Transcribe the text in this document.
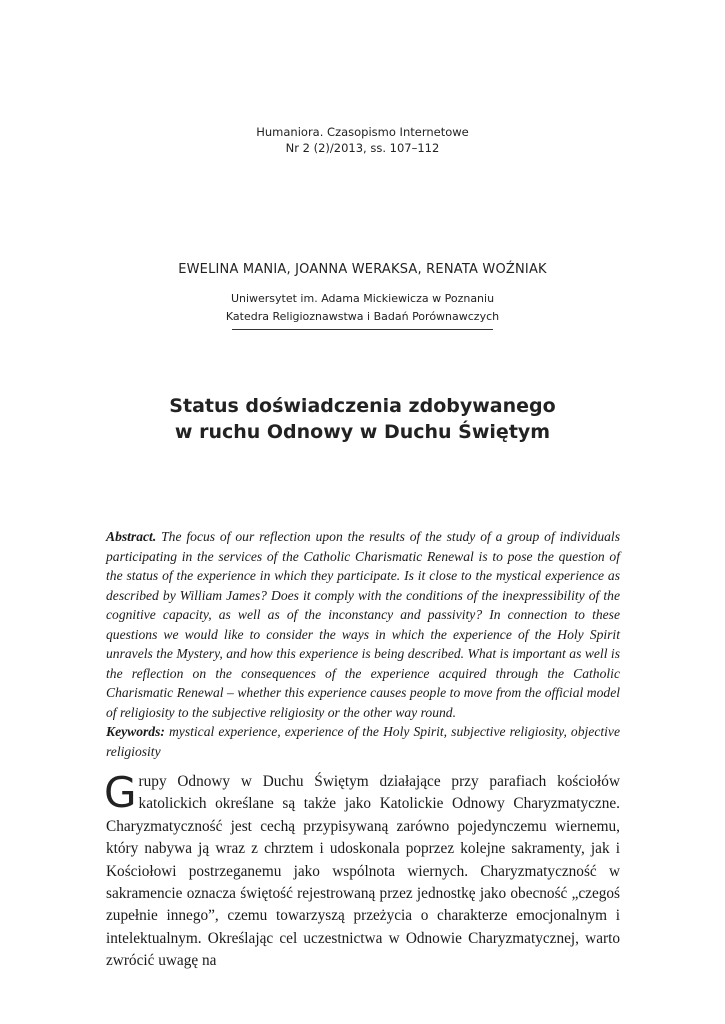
Humaniora. Czasopismo Internetowe
Nr 2 (2)/2013, ss. 107–112
EWELINA MANIA, JOANNA WERAKSA, RENATA WOŹNIAK
Uniwersytet im. Adama Mickiewicza w Poznaniu
Katedra Religioznawstwa i Badań Porównawczych
Status doświadczenia zdobywanego
w ruchu Odnowy w Duchu Świętym

Abstract. The focus of our reflection upon the results of the study of a group of individuals participating in the services of the Catholic Charismatic Renewal is to pose the question of the status of the experience in which they participate. Is it close to the mystical experience as described by William James? Does it comply with the conditions of the inexpressibility of the cognitive capacity, as well as of the inconstancy and passivity? In connection to these questions we would like to consider the ways in which the experience of the Holy Spirit unravels the Mystery, and how this experience is being described. What is important as well is the reflection on the consequences of the experience acquired through the Catholic Charismatic Renewal – whether this experience causes people to move from the official model of religiosity to the subjective religiosity or the other way round.

Keywords: mystical experience, experience of the Holy Spirit, subjective religiosity, objective religiosity

Grupy Odnowy w Duchu Świętym działające przy parafiach kościołów katolickich określane są także jako Katolickie Odnowy Charyzmatyczne. Charyzmatyczność jest cechą przypisywaną zarówno pojedynczemu wiernemu, który nabywa ją wraz z chrztem i udoskonala poprzez kolejne sakramenty, jak i Kościołowi postrzeganemu jako wspólnota wiernych. Charyzmatyczność w sakramencie oznacza świętość rejestrowaną przez jednostkę jako obecność „czegoś zupełnie innego”, czemu towarzyszą przeżycia o charakterze emocjonalnym i intelektualnym. Określając cel uczestnictwa w Odnowie Charyzmatycznej, warto zwrócić uwagę na
